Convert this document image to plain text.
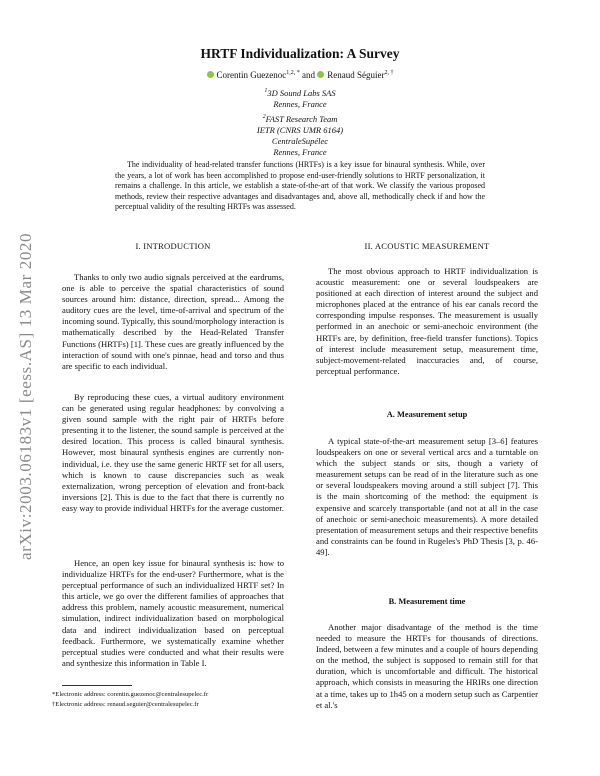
arXiv:2003.06183v1 [eess.AS] 13 Mar 2020
HRTF Individualization: A Survey
Corentin Guezenoc$^{1,2, *}$ and Renaud Séguier$^{2, \dagger}$
$^1$3D Sound Labs SAS
Rennes, France
$^2$FAST Research Team
IETR (CNRS UMR 6164)
CentraleSupélec
Rennes, France
The individuality of head-related transfer functions (HRTFs) is a key issue for binaural synthesis. While, over the years, a lot of work has been accomplished to propose end-user-friendly solutions to HRTF personalization, it remains a challenge. In this article, we establish a state-of-the-art of that work. We classify the various proposed methods, review their respective advantages and disadvantages and, above all, methodically check if and how the perceptual validity of the resulting HRTFs was assessed.
I. INTRODUCTION

Thanks to only two audio signals perceived at the eardrums, one is able to perceive the spatial characteristics of sound sources around him: distance, direction, spread... Among the auditory cues are the level, time-of-arrival and spectrum of the incoming sound. Typically, this sound/morphology interaction is mathematically described by the Head-Related Transfer Functions (HRTFs) [1]. These cues are greatly influenced by the interaction of sound with one's pinnae, head and torso and thus are specific to each individual.

By reproducing these cues, a virtual auditory environment can be generated using regular headphones: by convolving a given sound sample with the right pair of HRTFs before presenting it to the listener, the sound sample is perceived at the desired location. This process is called binaural synthesis. However, most binaural synthesis engines are currently non-individual, i.e. they use the same generic HRTF set for all users, which is known to cause discrepancies such as weak externalization, wrong perception of elevation and front-back inversions [2]. This is due to the fact that there is currently no easy way to provide individual HRTFs for the average customer.

Hence, an open key issue for binaural synthesis is: how to individualize HRTFs for the end-user? Furthermore, what is the perceptual performance of such an individualized HRTF set? In this article, we go over the different families of approaches that address this problem, namely acoustic measurement, numerical simulation, indirect individualization based on morphological data and indirect individualization based on perceptual feedback. Furthermore, we systematically examine whether perceptual studies were conducted and what their results were and synthesize this information in Table I.

*Electronic address: corentin.guezenoc@centralesupelec.fr
†Electronic address: renaud.seguier@centralesupelec.fr
II. ACOUSTIC MEASUREMENT

The most obvious approach to HRTF individualization is acoustic measurement: one or several loudspeakers are positioned at each direction of interest around the subject and microphones placed at the entrance of his ear canals record the corresponding impulse responses. The measurement is usually performed in an anechoic or semi-anechoic environment (the HRTFs are, by definition, free-field transfer functions). Topics of interest include measurement setup, measurement time, subject-movement-related inaccuracies and, of course, perceptual performance.

A. Measurement setup

A typical state-of-the-art measurement setup [3–6] features loudspeakers on one or several vertical arcs and a turntable on which the subject stands or sits, though a variety of measurement setups can be read of in the literature such as one or several loudspeakers moving around a still subject [7]. This is the main shortcoming of the method: the equipment is expensive and scarcely transportable (and not at all in the case of anechoic or semi-anechoic measurements). A more detailed presentation of measurement setups and their respective benefits and constraints can be found in Rugeles's PhD Thesis [3, p. 46-49].

B. Measurement time

Another major disadvantage of the method is the time needed to measure the HRTFs for thousands of directions. Indeed, between a few minutes and a couple of hours depending on the method, the subject is supposed to remain still for that duration, which is uncomfortable and difficult. The historical approach, which consists in measuring the HRIRs one direction at a time, takes up to 1h45 on a modern setup such as Carpentier et al.'s
